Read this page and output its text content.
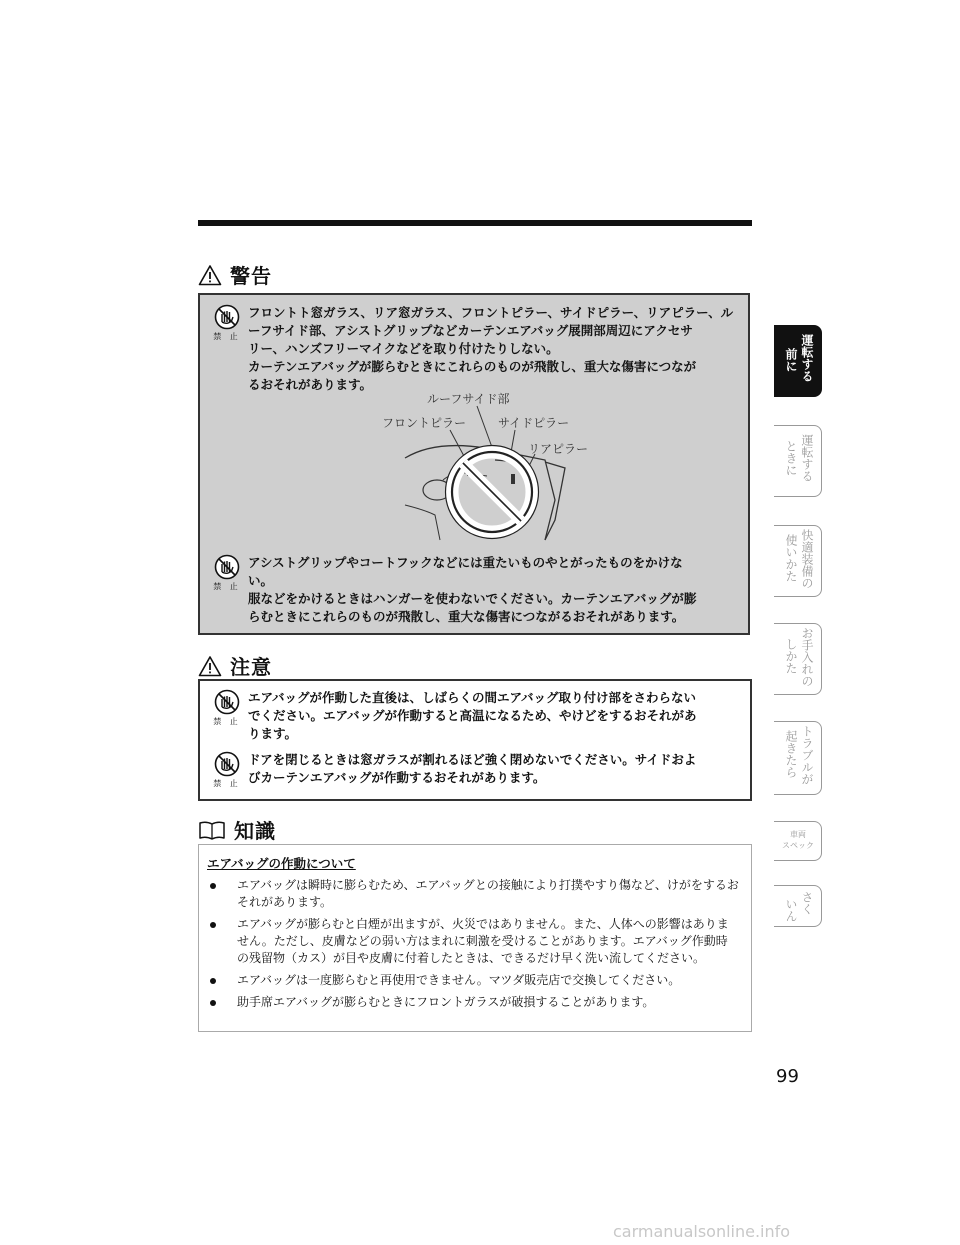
警告
禁 止

フロントト窓ガラス、リア窓ガラス、フロントピラー、サイドピラー、リアピラー、ル

ーフサイド部、アシストグリップなどカーテンエアバッグ展開部周辺にアクセサ

リー、ハンズフリーマイクなどを取り付けたりしない。

カーテンエアバッグが膨らむときにこれらのものが飛散し、重大な傷害につなが

るおそれがあります。

ルーフサイド部
フロントピラー	サイドピラー
リアピラー
禁 止

アシストグリップやコートフックなどには重たいものやとがったものをかけな

い。

服などをかけるときはハンガーを使わないでください。カーテンエアバッグが膨

らむときにこれらのものが飛散し、重大な傷害につながるおそれがあります。

注意
禁 止

エアバッグが作動した直後は、しばらくの間エアバッグ取り付け部をさわらない

でください。エアバッグが作動すると高温になるため、やけどをするおそれがあ

ります。

禁 止

ドアを閉じるときは窓ガラスが割れるほど強く閉めないでください。サイドおよ

びカーテンエアバッグが作動するおそれがあります。

知識
エアバッグの作動について
エアバッグは瞬時に膨らむため、エアバッグとの接触により打撲やすり傷など、けがをするおそれがあります。
エアバッグが膨らむと白煙が出ますが、火災ではありません。また、人体への影響はありません。ただし、皮膚などの弱い方はまれに刺激を受けることがあります。エアバッグ作動時の残留物（カス）が目や皮膚に付着したときは、できるだけ早く洗い流してください。
エアバッグは一度膨らむと再使用できません。マツダ販売店で交換してください。
助手席エアバッグが膨らむときにフロントガラスが破損することがあります。
運転する
前に
運転する
ときに
快適装備の
使いかた
お手入れの
しかた
トラブルが
起きたら
車両
スペック
さく
いん
99
carmanualsonline.info
